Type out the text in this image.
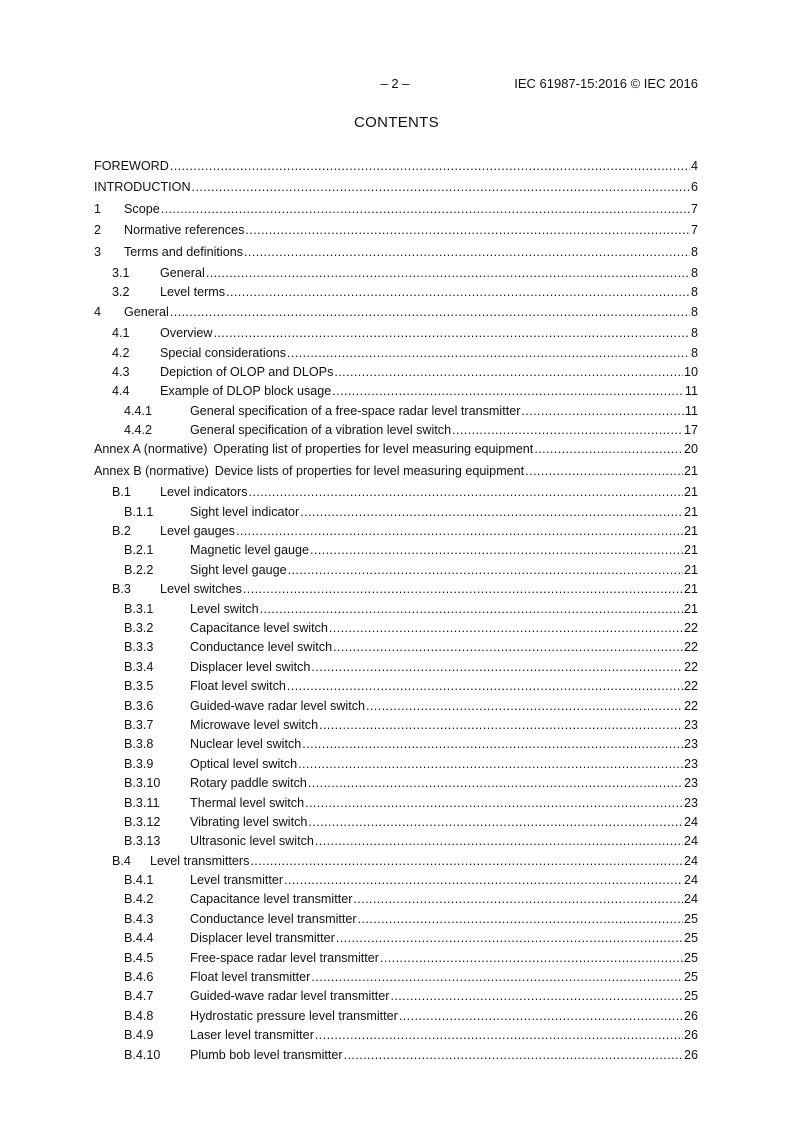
– 2 –	IEC 61987-15:2016 © IEC 2016
CONTENTS
FOREWORD .....	4
INTRODUCTION .....	6
1	Scope .....	7
2	Normative references .....	7
3	Terms and definitions .....	8
3.1	General .....	8
3.2	Level terms .....	8
4	General .....	8
4.1	Overview .....	8
4.2	Special considerations .....	8
4.3	Depiction of OLOP and DLOPs .....	10
4.4	Example of DLOP block usage .....	11
4.4.1	General specification of a free-space radar level transmitter .....	11
4.4.2	General specification of a vibration level switch .....	17
Annex A (normative) Operating list of properties for level measuring equipment .....	20
Annex B (normative) Device lists of properties for level measuring equipment .....	21
B.1	Level indicators .....	21
B.1.1	Sight level indicator .....	21
B.2	Level gauges .....	21
B.2.1	Magnetic level gauge .....	21
B.2.2	Sight level gauge .....	21
B.3	Level switches .....	21
B.3.1	Level switch .....	21
B.3.2	Capacitance level switch .....	22
B.3.3	Conductance level switch .....	22
B.3.4	Displacer level switch .....	22
B.3.5	Float level switch .....	22
B.3.6	Guided-wave radar level switch .....	22
B.3.7	Microwave level switch .....	23
B.3.8	Nuclear level switch .....	23
B.3.9	Optical level switch .....	23
B.3.10	Rotary paddle switch .....	23
B.3.11	Thermal level switch .....	23
B.3.12	Vibrating level switch .....	24
B.3.13	Ultrasonic level switch .....	24
B.4	Level transmitters .....	24
B.4.1	Level transmitter .....	24
B.4.2	Capacitance level transmitter .....	24
B.4.3	Conductance level transmitter .....	25
B.4.4	Displacer level transmitter .....	25
B.4.5	Free-space radar level transmitter .....	25
B.4.6	Float level transmitter .....	25
B.4.7	Guided-wave radar level transmitter .....	25
B.4.8	Hydrostatic pressure level transmitter .....	26
B.4.9	Laser level transmitter .....	26
B.4.10	Plumb bob level transmitter .....	26
